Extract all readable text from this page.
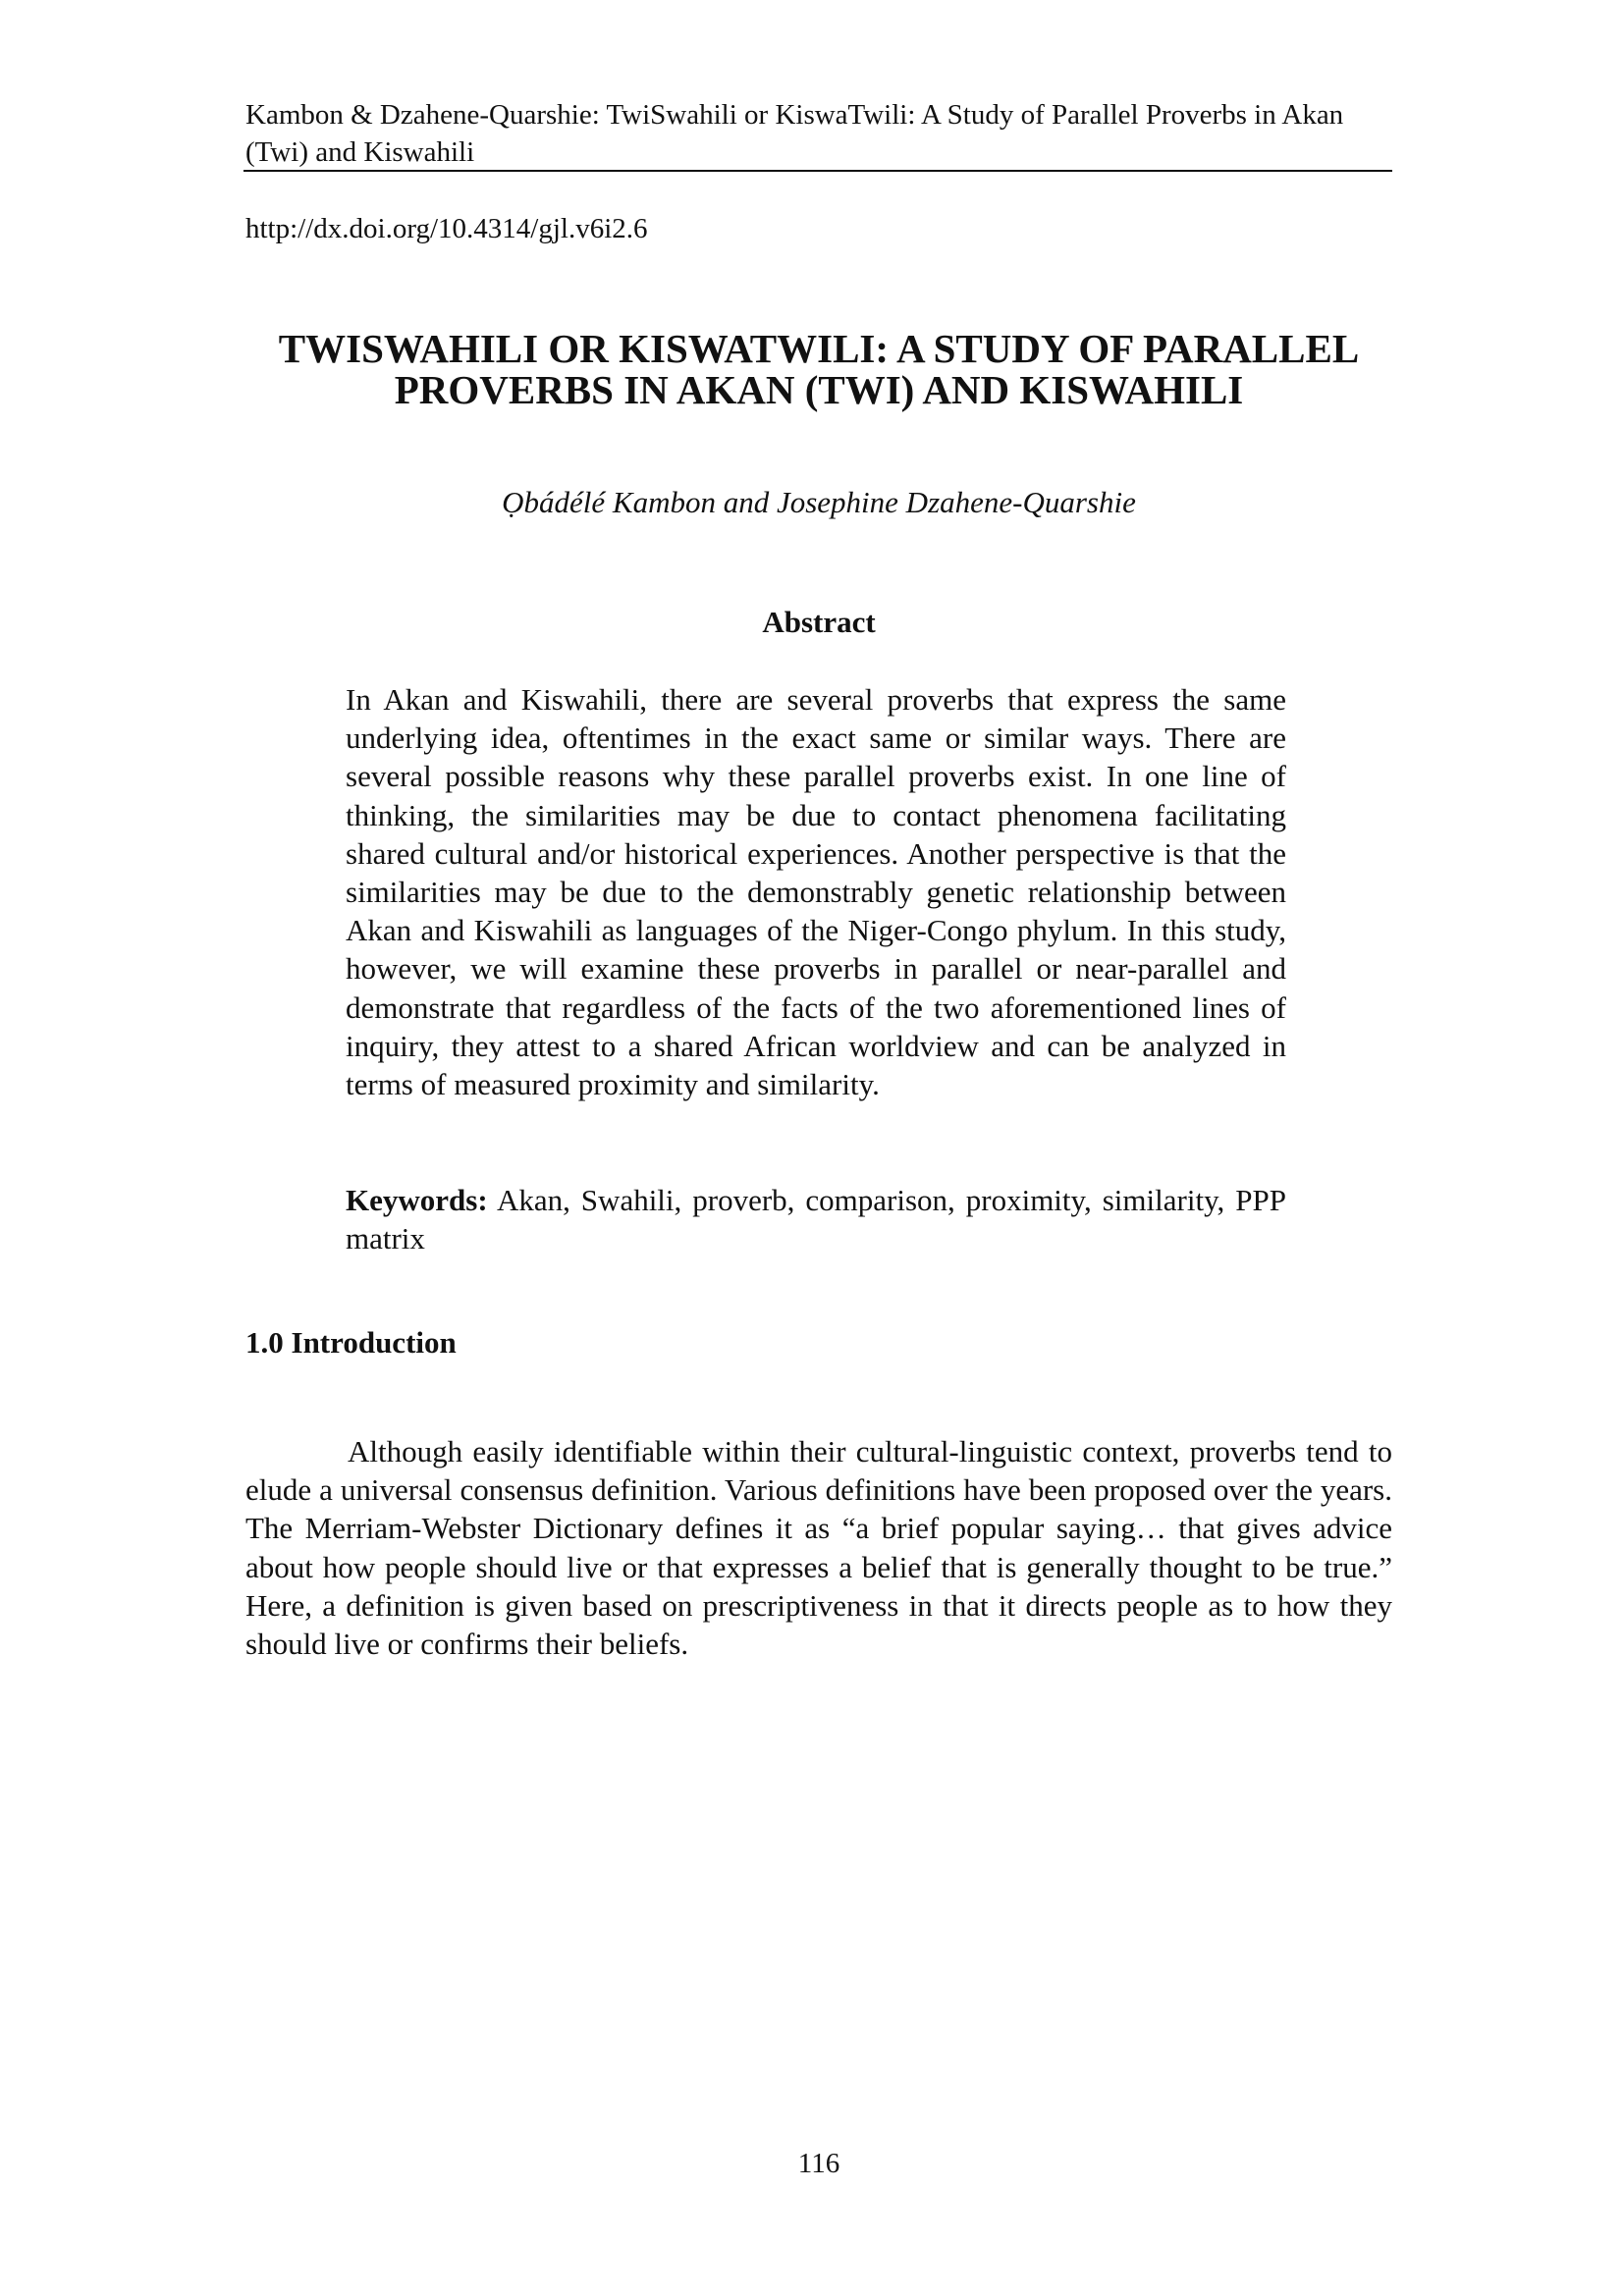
Kambon & Dzahene-Quarshie: TwiSwahili or KiswaTwili: A Study of Parallel Proverbs in Akan (Twi) and Kiswahili
http://dx.doi.org/10.4314/gjl.v6i2.6
TWISWAHILI OR KISWATWILI: A STUDY OF PARALLEL PROVERBS IN AKAN (TWI) AND KISWAHILI
Ọbádélé Kambon and Josephine Dzahene-Quarshie
Abstract

In Akan and Kiswahili, there are several proverbs that express the same underlying idea, oftentimes in the exact same or similar ways. There are several possible reasons why these parallel proverbs exist. In one line of thinking, the similarities may be due to contact phenomena facilitating shared cultural and/or historical experiences. Another perspective is that the similarities may be due to the demonstrably genetic relationship between Akan and Kiswahili as languages of the Niger-Congo phylum. In this study, however, we will examine these proverbs in parallel or near-parallel and demonstrate that regardless of the facts of the two aforementioned lines of inquiry, they attest to a shared African worldview and can be analyzed in terms of measured proximity and similarity.

Keywords: Akan, Swahili, proverb, comparison, proximity, similarity, PPP matrix

1.0 Introduction

Although easily identifiable within their cultural-linguistic context, proverbs tend to elude a universal consensus definition. Various definitions have been proposed over the years. The Merriam-Webster Dictionary defines it as “a brief popular saying… that gives advice about how people should live or that expresses a belief that is generally thought to be true.” Here, a definition is given based on prescriptiveness in that it directs people as to how they should live or confirms their beliefs.

116
